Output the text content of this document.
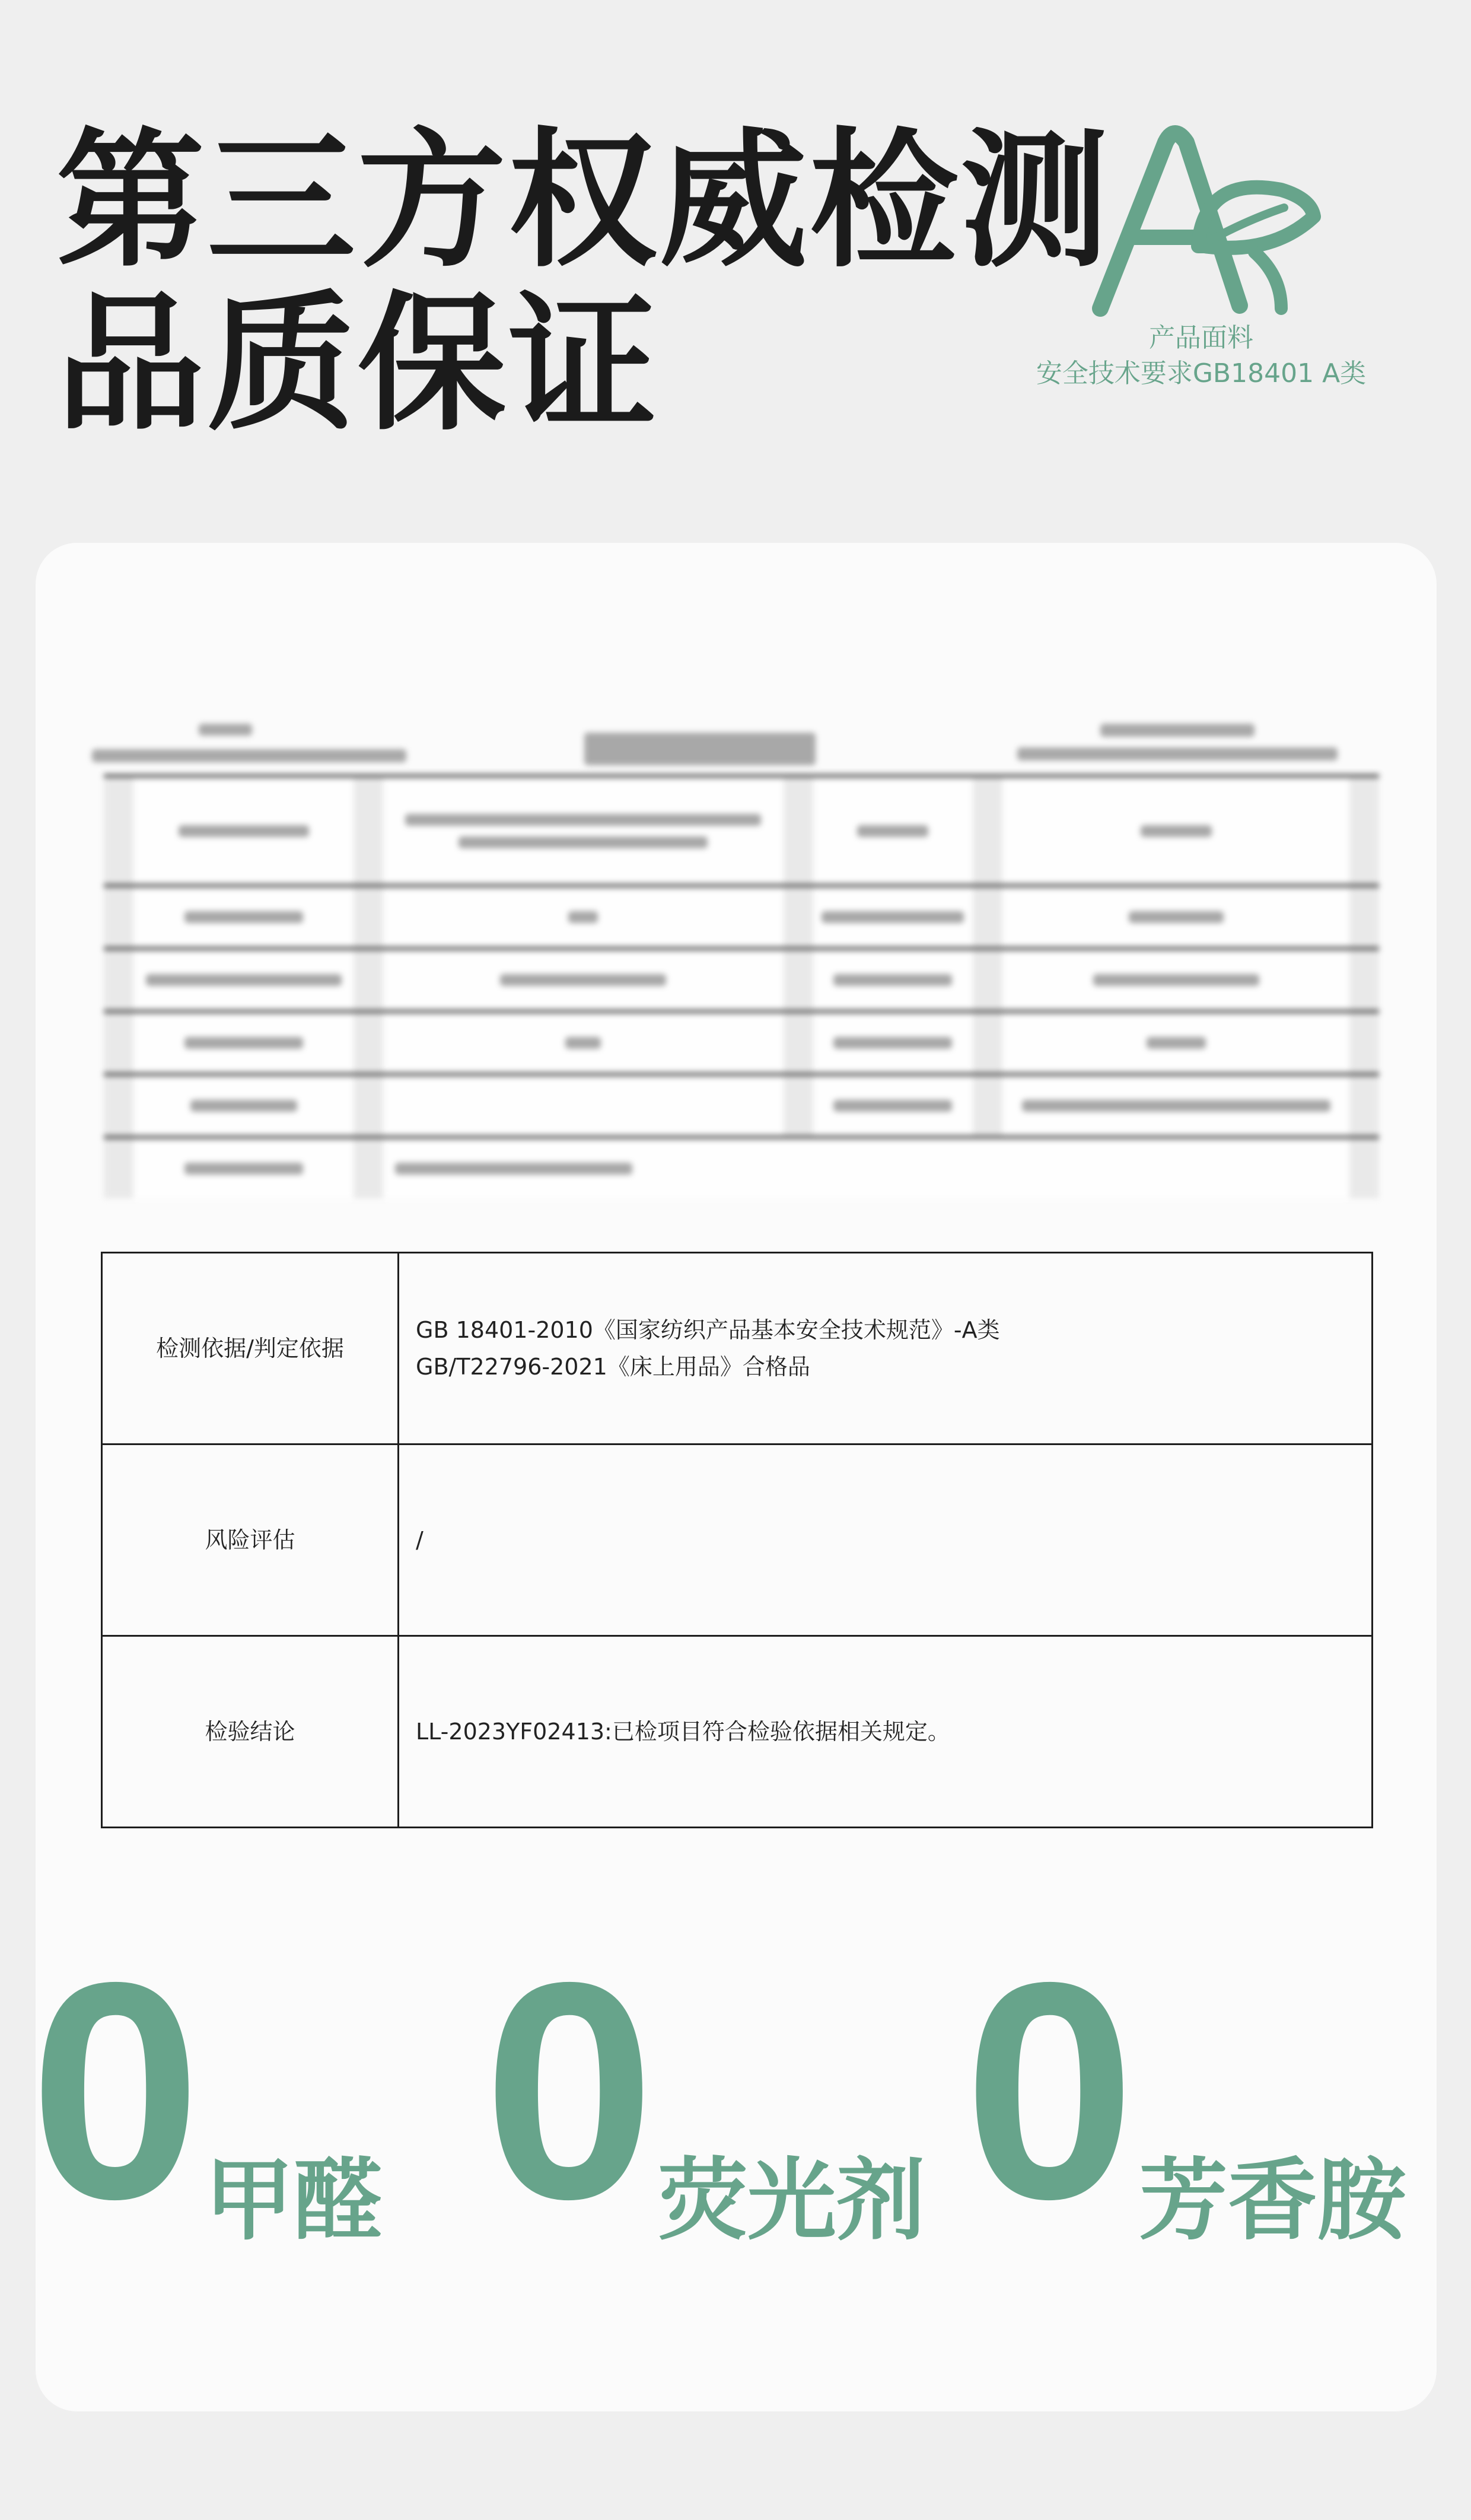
第三方权威检测
品质保证	产品面料
安全技术要求GB18401 A类

检测依据/判定依据	GB 18401-2010《国家纺织产品基本安全技术规范》-A类
GB/T22796-2021《床上用品》合格品

风险评估	/
检验结论	LL-2023YF02413:已检项目符合检验依据相关规定。
0 甲醛 0 荧光剂 0 芳香胺
